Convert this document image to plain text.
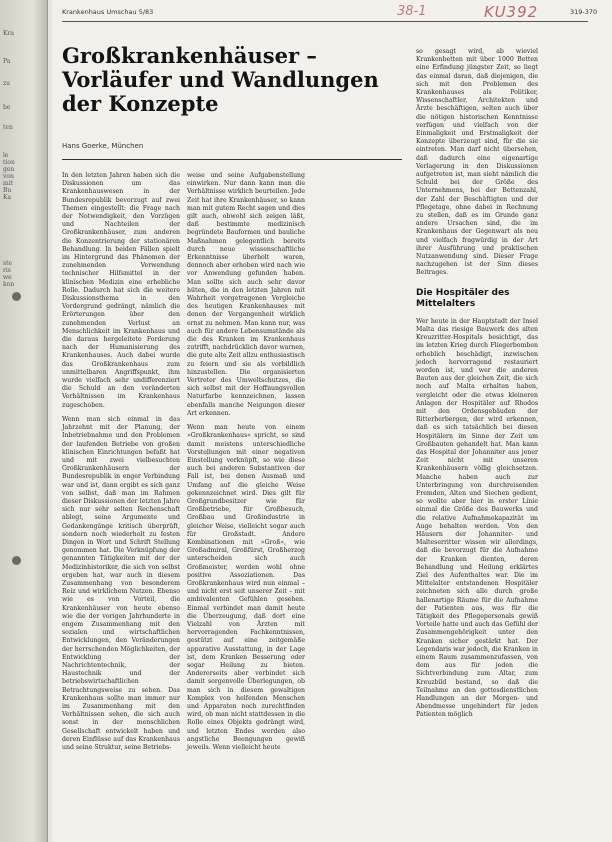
Kra
Pa
zu
be
ten
le
tion
gen
von
mit
Bu
Ka
ste
ris
we
kon
Krankenhaus Umschau 5/83	38-1	KU392	319-370
Großkrankenhäuser – Vorläufer und Wandlungen der Konzepte
Hans Goerke, München

In den letzten Jahren haben sich die Diskussionen um das Krankenhauswesen in der Bundesrepublik bevorzugt auf zwei Themen eingestellt: die Frage nach der Notwendigkeit, den Vorzügen und Nachteilen der Großkrankenhäuser, zum anderen die Konzentrierung der stationären Behandlung. In beiden Fällen spielt im Hintergrund das Phänomen der zunehmenden Verwendung technischer Hilfsmittel in der klinischen Medizin eine erhebliche Rolle. Dadurch hat sich die weitere Diskussionsthema in den Vordergrund gedrängt, nämlich die Erörterungen über den zunehmenden Verlust an Menschlichkeit im Krankenhaus und die daraus hergeleitete Forderung nach der Humanisierung des Krankenhauses. Auch dabei wurde das Großkrankenhaus zum unmittelbaren Angriffspunkt, ihm wurde vielfach sehr undifferenziert die Schuld an den veränderten Verhältnissen im Krankenhaus zugeschoben.

Wenn man sich einmal in das Jahrzehnt mit der Planung, der Inbetriebnahme und den Problemen der laufenden Betriebe von großen klinischen Einrichtungen befaßt hat und mit zwei vielbesuchten Großkrankenhäusern der Bundesrepublik in enger Verbindung war und ist, dann ergibt es sich ganz von selbst, daß man im Rahmen dieser Diskussionen der letzten Jahre sich nur sehr selten Rechenschaft ablegt, seine Argumente und Gedankengänge kritisch überprüft, sondern noch wiederholt zu festen Dingen in Wort und Schrift Stellung genommen hat. Die Verknüpfung der genannten Tätigkeiten mit der der Medizinhistoriker, die sich von selbst ergeben hat, war auch in diesem Zusammenhang von besonderem Reiz und wirklichem Nutzen. Ebenso wie es von Vorteil, die Krankenhäuser von heute ebenso wie die der vorigen Jahrhunderte in engem Zusammenhang mit den sozialen und wirtschaftlichen Entwicklungen, den Veränderungen der herrschenden Möglichkeiten, der Entwicklung der Nachrichtentechnik, der Haustechnik und der betriebswirtschaftlichen Betrachtungsweise zu sehen. Das Krankenhaus sollte man immer nur im Zusammenhang mit den Verhältnissen sehen, die sich auch sonst in der menschlichen Gesellschaft entwickelt haben und deren Einflüsse auf das Krankenhaus und seine Struktur, seine Betriebs-

weise und seine Aufgabenstellung einwirken. Nur dann kann man die Verhältnisse wirklich beurteilen. Jede Zeit hat ihre Krankenhäuser, so kann man mit gutem Recht sagen und dies gilt auch, obwohl sich zeigen läßt, daß bestimmte medizinisch begründete Bauformen und bauliche Maßnahmen gelegentlich bereits durch neue wissenschaftliche Erkenntnisse überholt waren, dennoch aber erhoben wird nach wie vor Anwendung gefunden haben. Man sollte sich auch sehr davor hüten, die in den letzten Jahren mit Wahrheit vorgetragenen Vergleiche des heutigen Krankenhauses mit denen der Vergangenheit wirklich ernst zu nehmen. Man kann nur, was auch für andere Lebensumstände als die des Kranken im Krankenhaus zutrifft, nachdrücklich davor warnen, die gute alte Zeit allzu enthusiastisch zu feiern und sie als vorbildlich hinzustellen. Die organisierten Vertreter des Umweltschutzes, die sich selbst mit der Hoffnungsvollen Naturfarbe kennzeichnen, lassen ebenfalls manche Neigungen dieser Art erkennen.

Wenn man heute von einem »Großkrankenhaus« spricht, so sind damit meistens unterschiedliche Vorstellungen mit einer negativen Einstellung verknüpft, so wie diese auch bei anderen Substantiven der Fall ist, bei denen Ausmaß und Umfang auf die gleiche Weise gekennzeichnet wird. Dies gilt für Großgrundbesitzer wie für Großbetriebe, für Großbesuch, Großbau und Großindustrie in gleicher Weise, vielleicht sogar auch für Großstadt. Andere Kombinationen mit »Groß«, wie Großadmiral, Großfürst, Großherzog unterscheiden sich auch Großmeister, werden wohl ohne positive Assoziationen. Das Großkrankenhaus wird nun einmal – und nicht erst seit unserer Zeit – mit ambivalenten Gefühlen gesehen. Einmal verbindet man damit heute die Überzeugung, daß dort eine Vielzahl von Ärzten mit hervorragenden Fachkenntnissen, gestützt auf eine zeitgemäße apparative Ausstattung, in der Lage ist, dem Kranken Besserung oder sogar Heilung zu bieten. Andererseits aber verbindet sich damit sorgenvolle Überlegungen, ob man sich in diesem gewaltigen Komplex von helfenden Menschen und Apparaten noch zurechtfinden wird, ob man nicht stattdessen in die Rolle eines Objekts gedrängt wird, und letzten Endes werden also angstliche Beengungen gewiß jeweils. Wenn vielleicht heute

so gesagt wird, ab wieviel Krankenbetten mit über 1000 Betten eine Erfindung jüngster Zeit, so liegt das einmal daran, daß diejenigen, die sich mit den Problemen des Krankenhauses als Politiker, Wissenschaftler, Architekten und Ärzte beschäftigen, selten auch über die nötigen historischen Kenntnisse verfügen und vielfach von der Einmaligkeit und Erstmaligkeit der Konzepte überzeugt sind, für die sie eintreten. Man darf nicht übersehen, daß dadurch eine eigenartige Verlagerung in den Diskussionen aufgetreten ist, man sieht nämlich die Schuld bei der Größe des Unternehmens, bei der Bettenzahl, der Zahl der Beschäftigten und der Pflegetage, ohne dabei in Rechnung zu stellen, daß es im Grunde ganz andere Ursachen sind, die im Krankenhaus der Gegenwart als neu und vielfach fragwürdig in der Art ihrer Ausführung und praktischen Nutzanwendung sind. Dieser Frage nachzugehen ist der Sinn dieses Beitrages.

Die Hospitäler des Mittelalters

Wer heute in der Hauptstadt der Insel Malta das riesige Bauwerk des alten Kreuzritter-Hospitals besichtigt, das im letzten Krieg durch Fliegerbomben erheblich beschädigt, inzwischen jedoch hervorragend restauriert worden ist, und wer die anderen Bauten aus der gleichen Zeit, die sich noch auf Malta erhalten haben, vergleicht oder die etwas kleineren Anlagen der Hospitäler auf Rhodos mit den Ordensgebäuden der Ritterherbergen, der wird erkennen, daß es sich tatsächlich bei diesen Hospitälern im Sinne der Zeit um Großbauten gehandelt hat. Man kann das Hospital der Johanniter aus jener Zeit nicht mit unseren Krankenhäusern völlig gleichsetzen. Manche haben auch zur Unterbringung von durchreisenden Fremden, Alten und Siechen gedient, so wollte aber hier in erster Linie einmal die Größe des Bauwerks und die relative Aufnahmekapazität im Auge behalten werden. Von den Häusern der Johanniter- und Malteserritter wissen wir allerdings, daß die bevorzugt für die Aufnahme der Kranken dienten, deren Behandlung und Heilung erklärtes Ziel des Aufenthaltes war. Die im Mittelalter entstandenen Hospitäler zeichneten sich alle durch große hallenartige Räume für die Aufnahme der Patienten aus, was für die Tätigkeit des Pflegepersonals gewiß Vorteile hatte und auch das Gefühl der Zusammengehörigkeit unter den Kranken sicher gestärkt hat. Der Legendaris war jedoch, die Kranken in einem Raum zusammenzufassen, von dem aus für jeden die Sichtverbindung zum Altar, zum Kreuzbild bestand, so daß die Teilnahme an den gottesdienstlichen Handlungen an der Morgen- und Abendmesse ungehindert für jeden Patienten möglich
